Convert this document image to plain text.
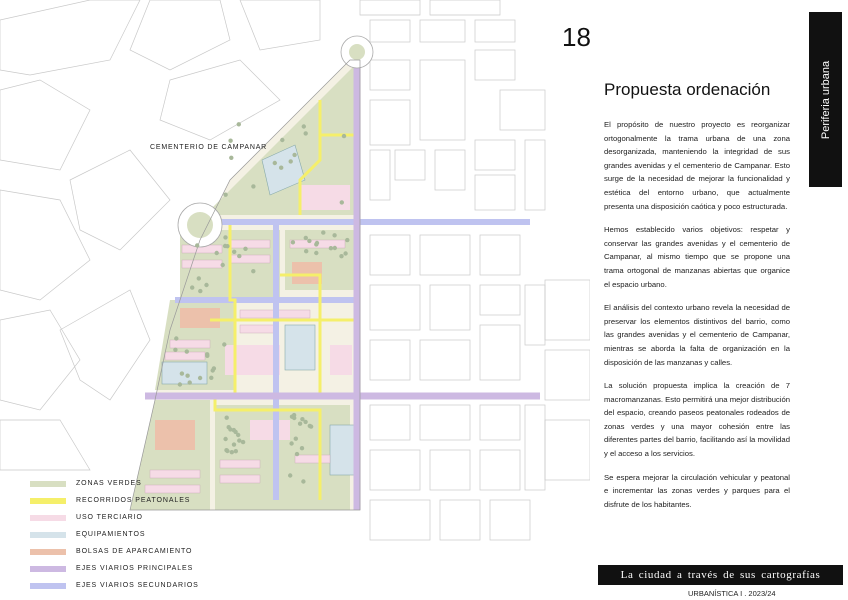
CEMENTERIO DE CAMPANAR
18
Periferia urbana
Propuesta ordenación

El propósito de nuestro proyecto es reorganizar ortogonalmente la trama urbana de una zona desorganizada, manteniendo la integridad de sus grandes avenidas y el cementerio de Campanar. Esto surge de la necesidad de mejorar la funcionalidad y estética del entorno urbano, que actualmente presenta una disposición caótica y poco estructurada.

Hemos establecido varios objetivos: respetar y conservar las grandes avenidas y el cementerio de Campanar, al mismo tiempo que se propone una trama ortogonal de manzanas abiertas que organice el espacio urbano.

El análisis del contexto urbano revela la necesidad de preservar los elementos distintivos del barrio, como las grandes avenidas y el cementerio de Campanar, mientras se aborda la falta de organización en la disposición de las manzanas y calles.

La solución propuesta implica la creación de 7 macromanzanas. Esto permitirá una mejor distribución del espacio, creando paseos peatonales rodeados de zonas verdes y una mayor cohesión entre las diferentes partes del barrio, facilitando así la movilidad y el acceso a los servicios.

Se espera mejorar la circulación vehicular y peatonal e incrementar las zonas verdes y parques para el disfrute de los habitantes.

ZONAS VERDES
RECORRIDOS PEATONALES
USO TERCIARIO
EQUIPAMIENTOS
BOLSAS DE APARCAMIENTO
EJES VIARIOS PRINCIPALES
EJES VIARIOS SECUNDARIOS
La ciudad a través de sus cartografías
URBANÍSTICA I . 2023/24
